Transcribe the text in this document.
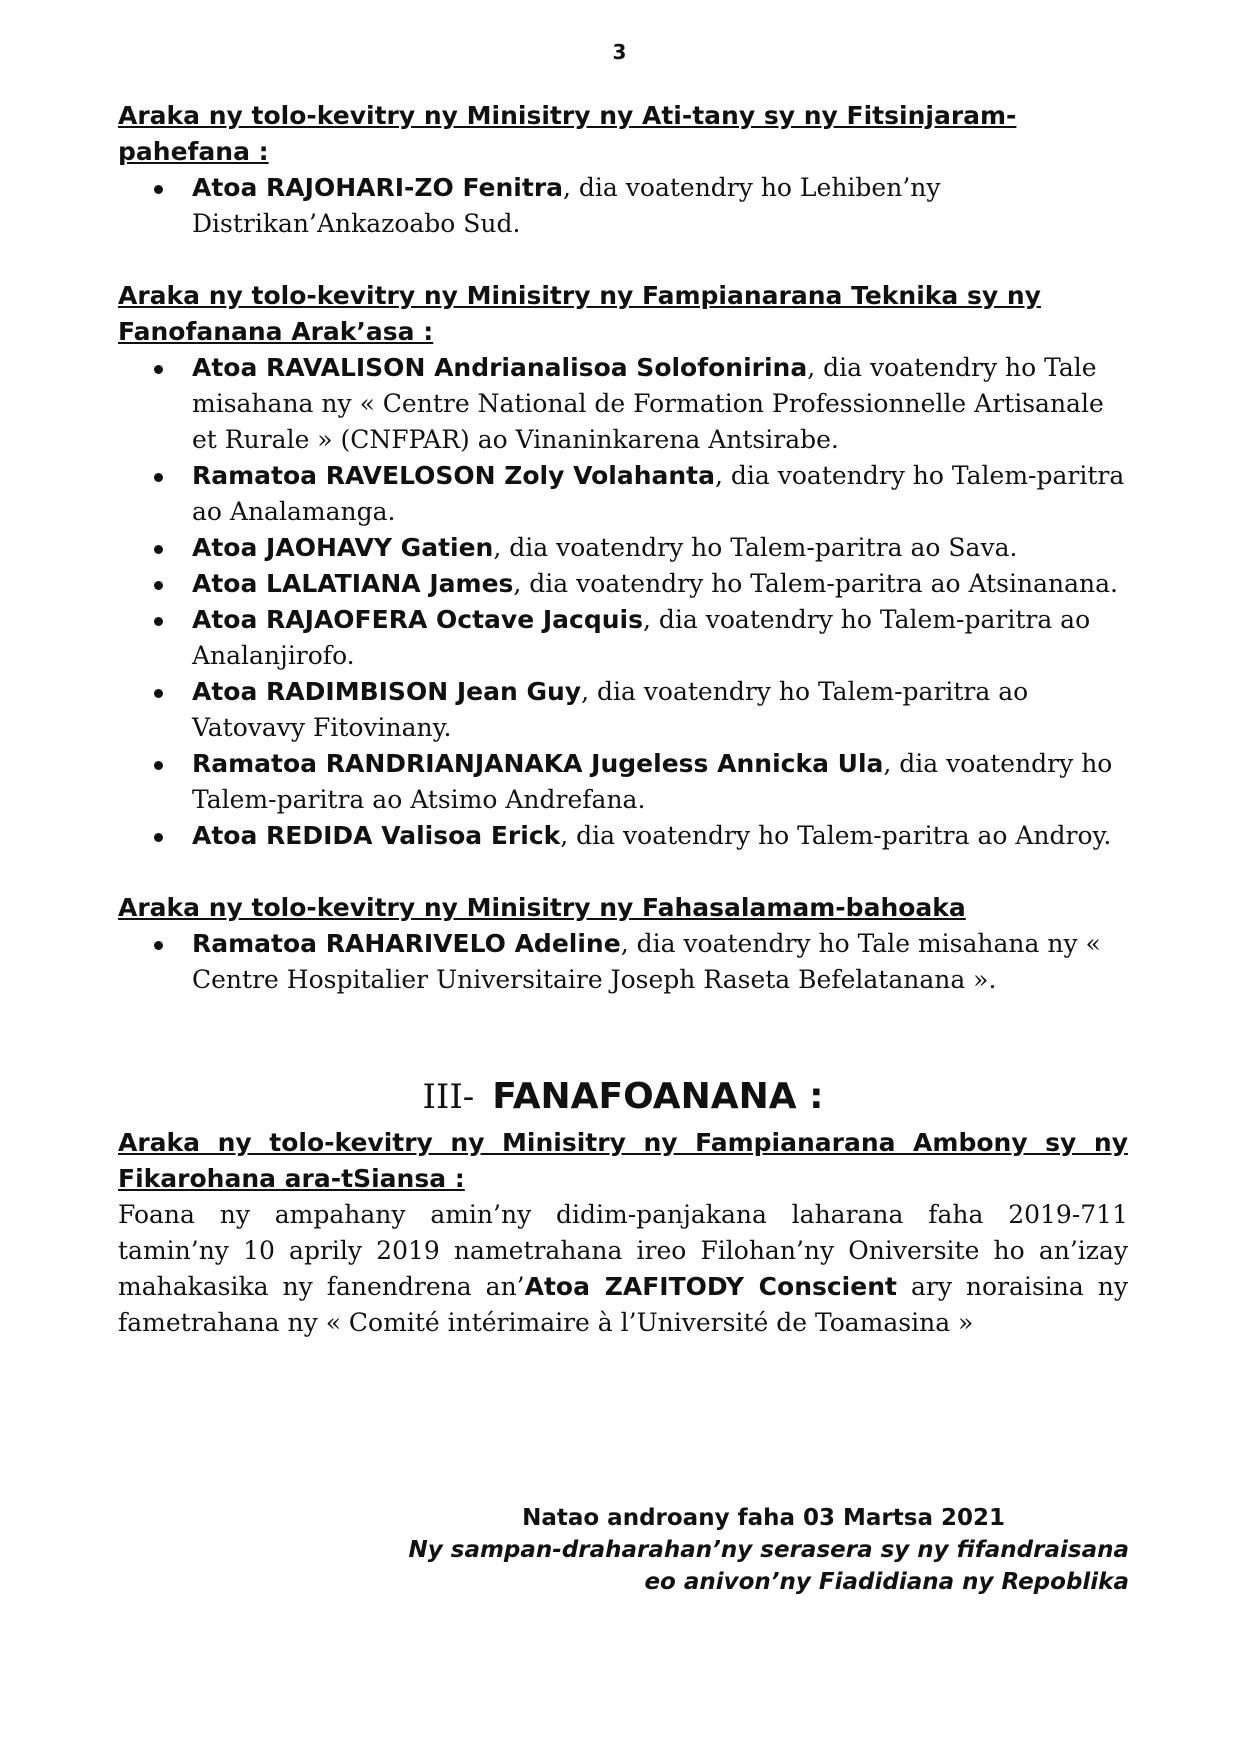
3

Araka ny tolo-kevitry ny Minisitry ny Ati-tany sy ny Fitsinjaram-pahefana :

Atoa RAJOHARI-ZO Fenitra, dia voatendry ho Lehiben’ny Distrikan’Ankazoabo Sud.

Araka ny tolo-kevitry ny Minisitry ny Fampianarana Teknika sy ny Fanofanana Arak’asa :

Atoa RAVALISON Andrianalisoa Solofonirina, dia voatendry ho Tale misahana ny « Centre National de Formation Professionnelle Artisanale et Rurale » (CNFPAR) ao Vinaninkarena Antsirabe.
Ramatoa RAVELOSON Zoly Volahanta, dia voatendry ho Talem-paritra ao Analamanga.
Atoa JAOHAVY Gatien, dia voatendry ho Talem-paritra ao Sava.
Atoa LALATIANA James, dia voatendry ho Talem-paritra ao Atsinanana.
Atoa RAJAOFERA Octave Jacquis, dia voatendry ho Talem-paritra ao Analanjirofo.
Atoa RADIMBISON Jean Guy, dia voatendry ho Talem-paritra ao Vatovavy Fitovinany.
Ramatoa RANDRIANJANAKA Jugeless Annicka Ula, dia voatendry ho Talem-paritra ao Atsimo Andrefana.
Atoa REDIDA Valisoa Erick, dia voatendry ho Talem-paritra ao Androy.

Araka ny tolo-kevitry ny Minisitry ny Fahasalamam-bahoaka

Ramatoa RAHARIVELO Adeline, dia voatendry ho Tale misahana ny « Centre Hospitalier Universitaire Joseph Raseta Befelatanana ».
III- FANAFOANANA :

Araka ny tolo-kevitry ny Minisitry ny Fampianarana Ambony sy ny Fikarohana ara-tSiansa :

Foana ny ampahany amin’ny didim-panjakana laharana faha 2019-711 tamin’ny 10 aprily 2019 nametrahana ireo Filohan’ny Oniversite ho an’izay mahakasika ny fanendrena an’Atoa ZAFITODY Conscient ary noraisina ny fametrahana ny « Comité intérimaire à l’Université de Toamasina »

Natao androany faha 03 Martsa 2021
Ny sampan-draharahan’ny serasera sy ny fifandraisana
eo anivon’ny Fiadidiana ny Repoblika
